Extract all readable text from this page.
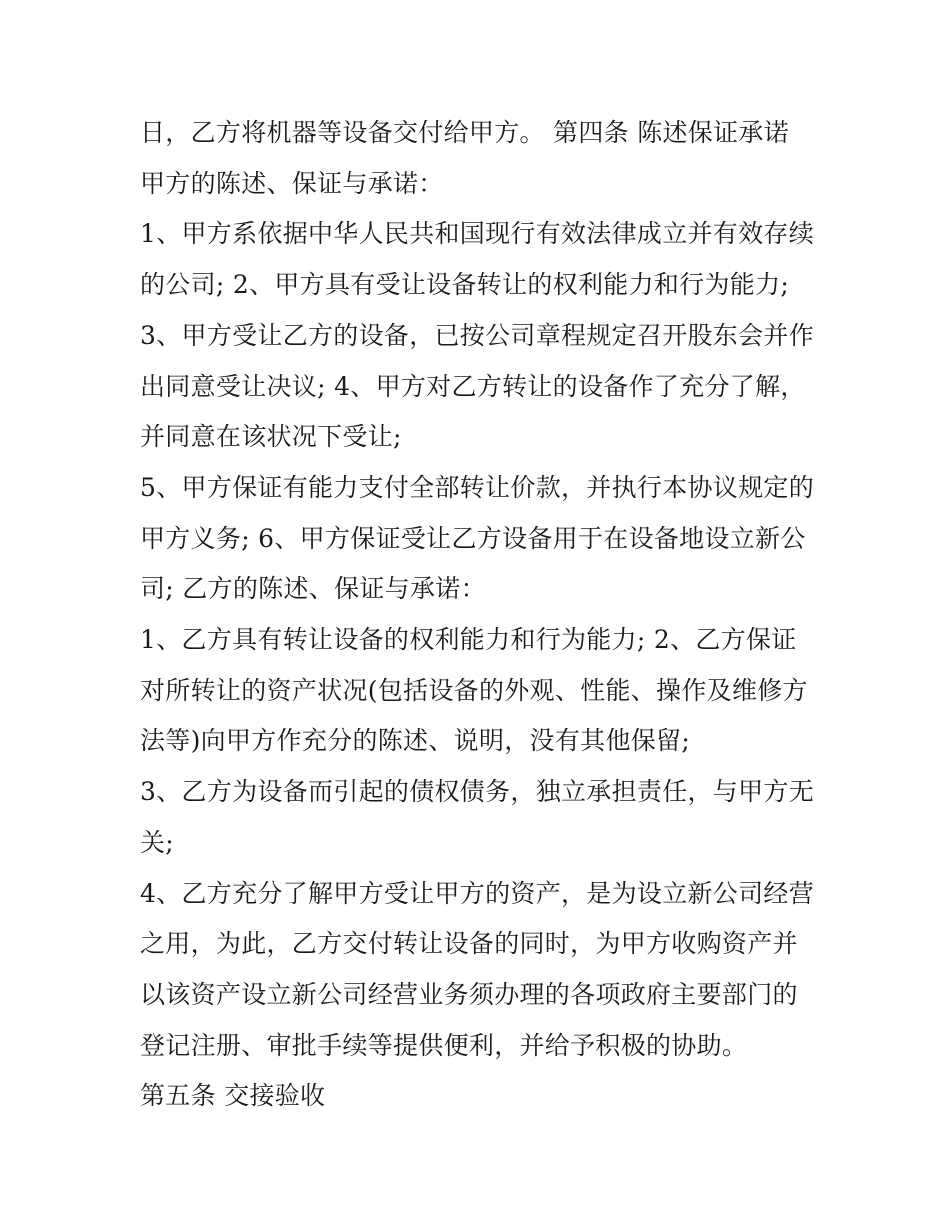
日，乙方将机器等设备交付给甲方。 第四条 陈述保证承诺 甲方的陈述、保证与承诺：

1、甲方系依据中华人民共和国现行有效法律成立并有效存续的公司; 2、甲方具有受让设备转让的权利能力和行为能力;

3、甲方受让乙方的设备，已按公司章程规定召开股东会并作出同意受让决议; 4、甲方对乙方转让的设备作了充分了解，并同意在该状况下受让;

5、甲方保证有能力支付全部转让价款，并执行本协议规定的甲方义务; 6、甲方保证受让乙方设备用于在设备地设立新公司; 乙方的陈述、保证与承诺：

1、乙方具有转让设备的权利能力和行为能力; 2、乙方保证对所转让的资产状况(包括设备的外观、性能、操作及维修方法等)向甲方作充分的陈述、说明，没有其他保留;

3、乙方为设备而引起的债权债务，独立承担责任，与甲方无关;

4、乙方充分了解甲方受让甲方的资产，是为设立新公司经营之用，为此，乙方交付转让设备的同时，为甲方收购资产并以该资产设立新公司经营业务须办理的各项政府主要部门的登记注册、审批手续等提供便利，并给予积极的协助。

第五条 交接验收
